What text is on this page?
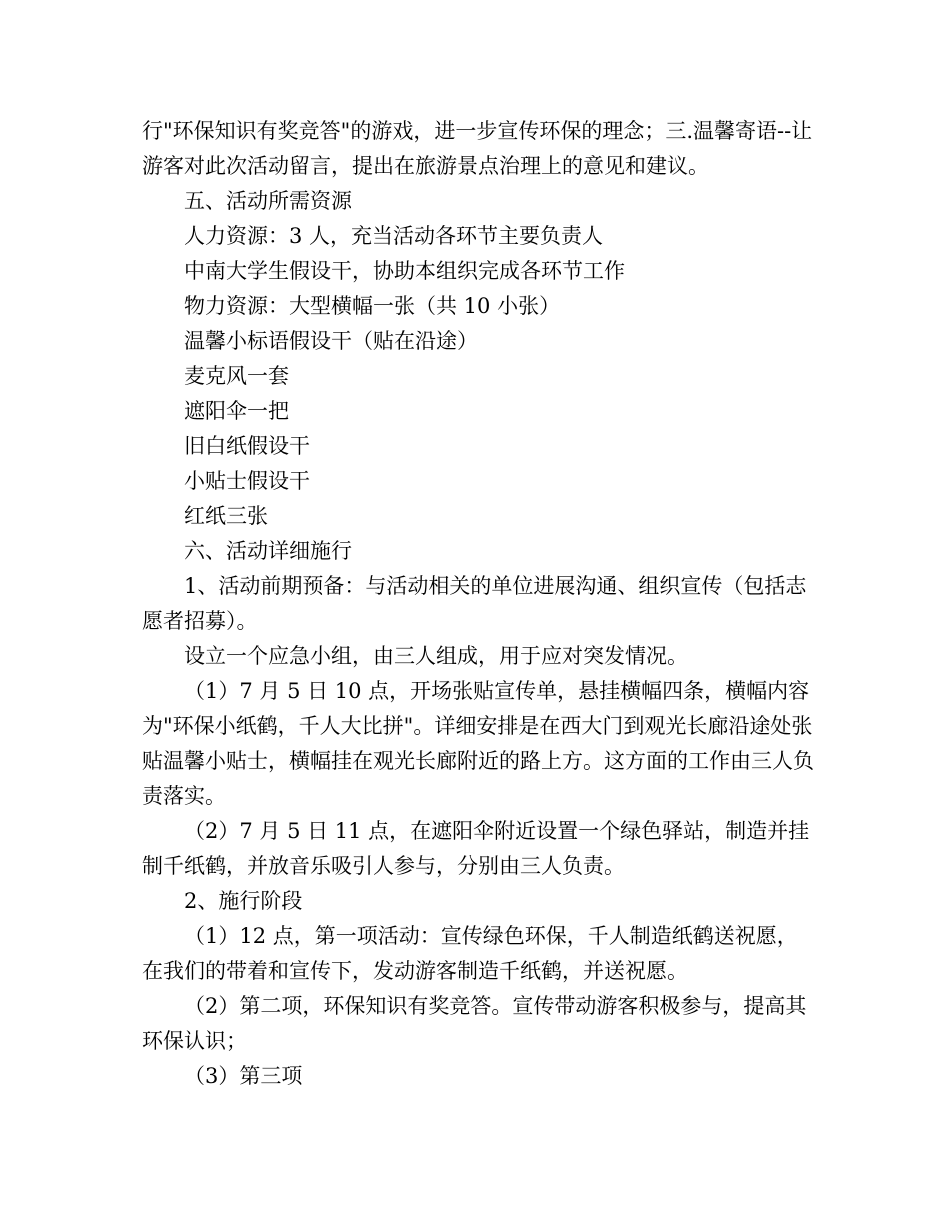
行"环保知识有奖竞答"的游戏，进一步宣传环保的理念；三.温馨寄语--让游客对此次活动留言，提出在旅游景点治理上的意见和建议。

五、活动所需资源

人力资源：3 人，充当活动各环节主要负责人

中南大学生假设干，协助本组织完成各环节工作

物力资源：大型横幅一张（共 10 小张）

温馨小标语假设干（贴在沿途）

麦克风一套

遮阳伞一把

旧白纸假设干

小贴士假设干

红纸三张

六、活动详细施行

1、活动前期预备：与活动相关的单位进展沟通、组织宣传（包括志愿者招募）。

设立一个应急小组，由三人组成，用于应对突发情况。

（1）7 月 5 日 10 点，开场张贴宣传单，悬挂横幅四条，横幅内容为"环保小纸鹤，千人大比拼"。详细安排是在西大门到观光长廊沿途处张贴温馨小贴士，横幅挂在观光长廊附近的路上方。这方面的工作由三人负责落实。

（2）7 月 5 日 11 点，在遮阳伞附近设置一个绿色驿站，制造并挂制千纸鹤，并放音乐吸引人参与，分别由三人负责。

2、施行阶段

（1）12 点，第一项活动：宣传绿色环保，千人制造纸鹤送祝愿，在我们的带着和宣传下，发动游客制造千纸鹤，并送祝愿。

（2）第二项，环保知识有奖竞答。宣传带动游客积极参与，提高其环保认识；

（3）第三项
